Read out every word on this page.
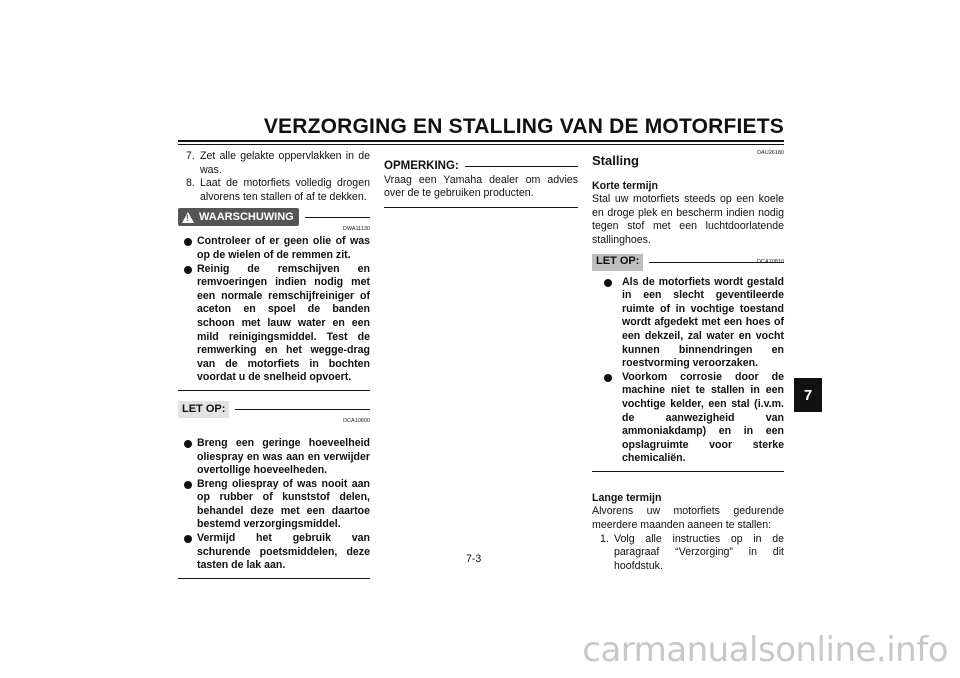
VERZORGING EN STALLING VAN DE MOTORFIETS
7. Zet alle gelakte oppervlakken in de was.
8. Laat de motorfiets volledig drogen alvorens ten stallen of af te dekken.
! WAARSCHUWING
DWA11130
Controleer of er geen olie of was op de wielen of de remmen zit.
Reinig de remschijven en remvoeringen indien nodig met een normale remschijfreiniger of aceton en spoel de banden schoon met lauw water en een mild reinigingsmiddel. Test de remwerking en het wegge-drag van de motorfiets in bochten voordat u de snelheid opvoert.
LET OP:
DCA10800
Breng een geringe hoeveelheid oliespray en was aan en verwijder overtollige hoeveelheden.
Breng oliespray of was nooit aan op rubber of kunststof delen, behandel deze met een daartoe bestemd verzorgingsmiddel.
Vermijd het gebruik van schurende poetsmiddelen, deze tasten de lak aan.
OPMERKING:
Vraag een Yamaha dealer om advies over de te gebruiken producten.
DAU26180
Stalling
Korte termijn
Stal uw motorfiets steeds op een koele en droge plek en bescherm indien nodig tegen stof met een luchtdoorlatende stallinghoes.
LET OP:	DCA10810
Als de motorfiets wordt gestald in een slecht geventileerde ruimte of in vochtige toestand wordt afgedekt met een hoes of een dekzeil, zal water en vocht kunnen binnendringen en roestvorming veroorzaken.
Voorkom corrosie door de machine niet te stallen in een vochtige kelder, een stal (i.v.m. de aanwezigheid van ammoniakdamp) en in een opslagruimte voor sterke chemicaliën.
Lange termijn
Alvorens uw motorfiets gedurende meerdere maanden aaneen te stallen:
1. Volg alle instructies op in de paragraaf “Verzorging” in dit hoofdstuk.
7
7-3
carmanualsonline.info
